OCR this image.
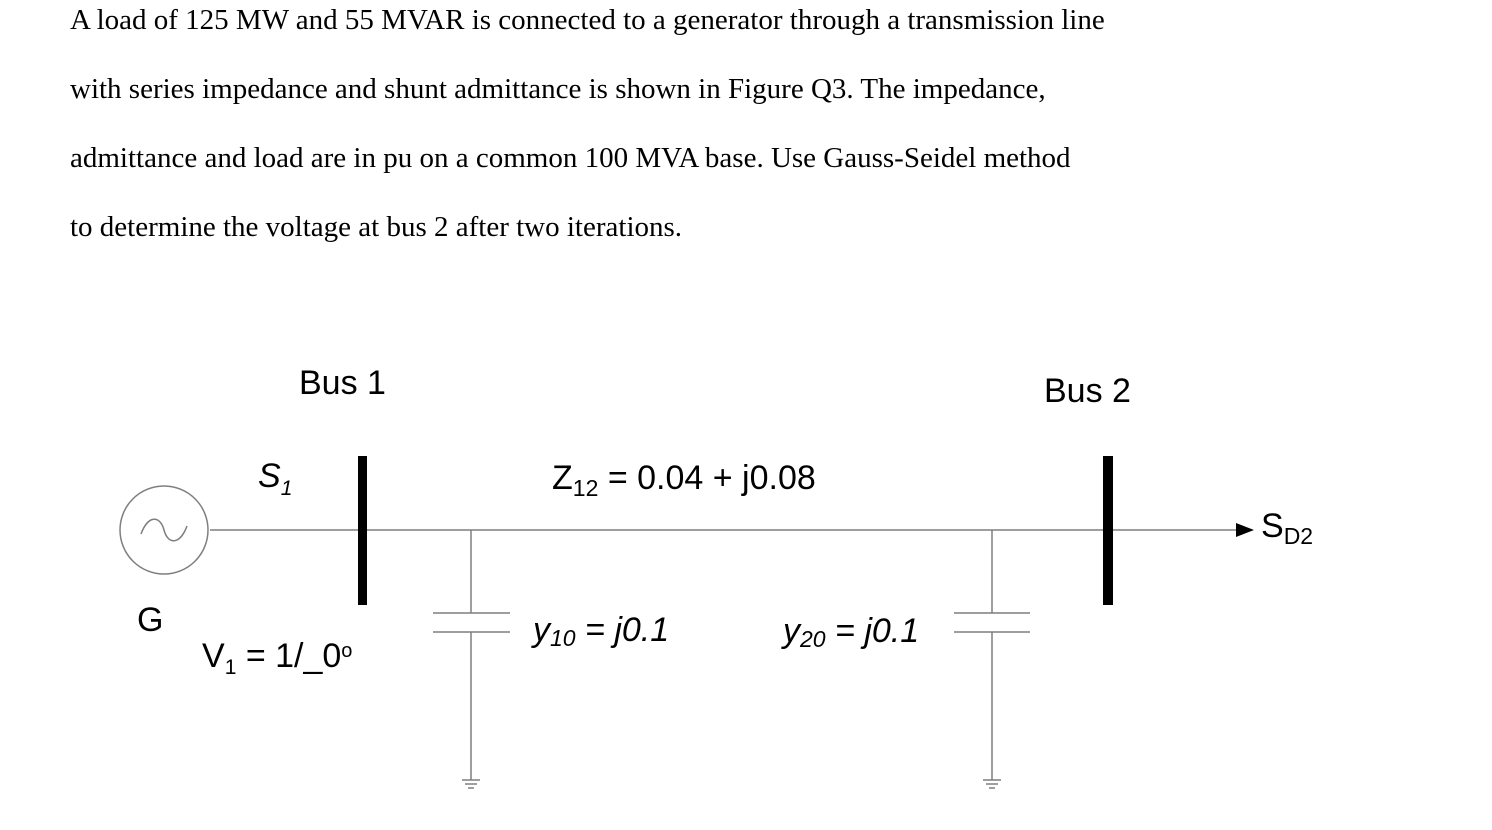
A load of 125 MW and 55 MVAR is connected to a generator through a transmission line
with series impedance and shunt admittance is shown in Figure Q3. The impedance,
admittance and load are in pu on a common 100 MVA base. Use Gauss-Seidel method
to determine the voltage at bus 2 after two iterations.
Bus 1	Bus 2
G
$S_1$
$V_1$ = $1/\_0^o$
$Z_{12} = 0.04 + j0.08$
y10 = j0.1	y20 = j0.1
$S_{D2}$
